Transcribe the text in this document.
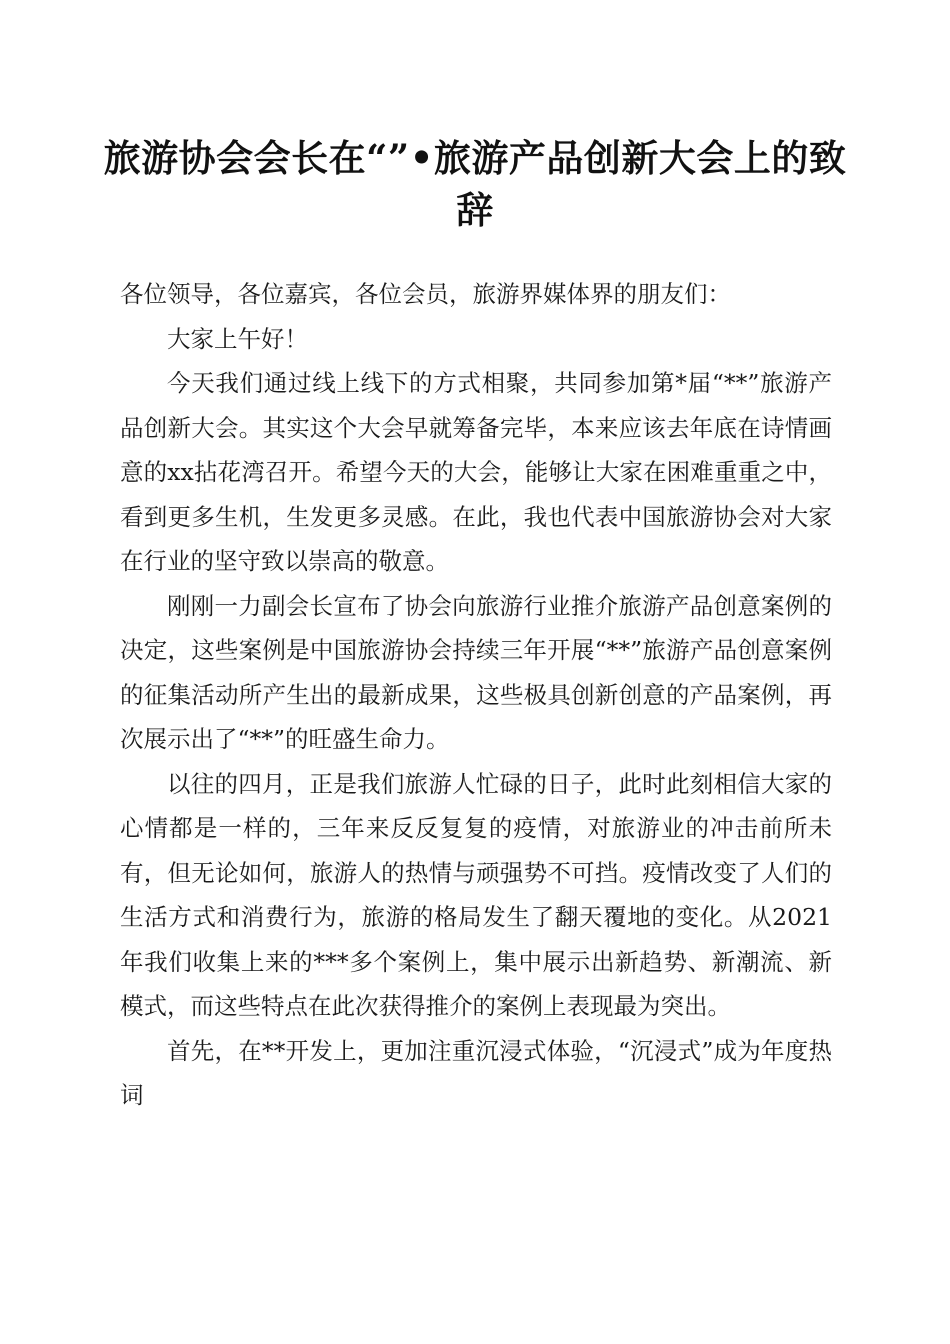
旅游协会会长在“”•旅游产品创新大会上的致辞

各位领导，各位嘉宾，各位会员，旅游界媒体界的朋友们：

大家上午好！

今天我们通过线上线下的方式相聚，共同参加第*届“**”旅游产品创新大会。其实这个大会早就筹备完毕，本来应该去年底在诗情画意的xx拈花湾召开。希望今天的大会，能够让大家在困难重重之中，看到更多生机，生发更多灵感。在此，我也代表中国旅游协会对大家在行业的坚守致以崇高的敬意。

刚刚一力副会长宣布了协会向旅游行业推介旅游产品创意案例的决定，这些案例是中国旅游协会持续三年开展“**”旅游产品创意案例的征集活动所产生出的最新成果，这些极具创新创意的产品案例，再次展示出了“**”的旺盛生命力。

以往的四月，正是我们旅游人忙碌的日子，此时此刻相信大家的心情都是一样的，三年来反反复复的疫情，对旅游业的冲击前所未有，但无论如何，旅游人的热情与顽强势不可挡。疫情改变了人们的生活方式和消费行为，旅游的格局发生了翻天覆地的变化。从2021年我们收集上来的***多个案例上，集中展示出新趋势、新潮流、新模式，而这些特点在此次获得推介的案例上表现最为突出。

首先，在**开发上，更加注重沉浸式体验，“沉浸式”成为年度热词
